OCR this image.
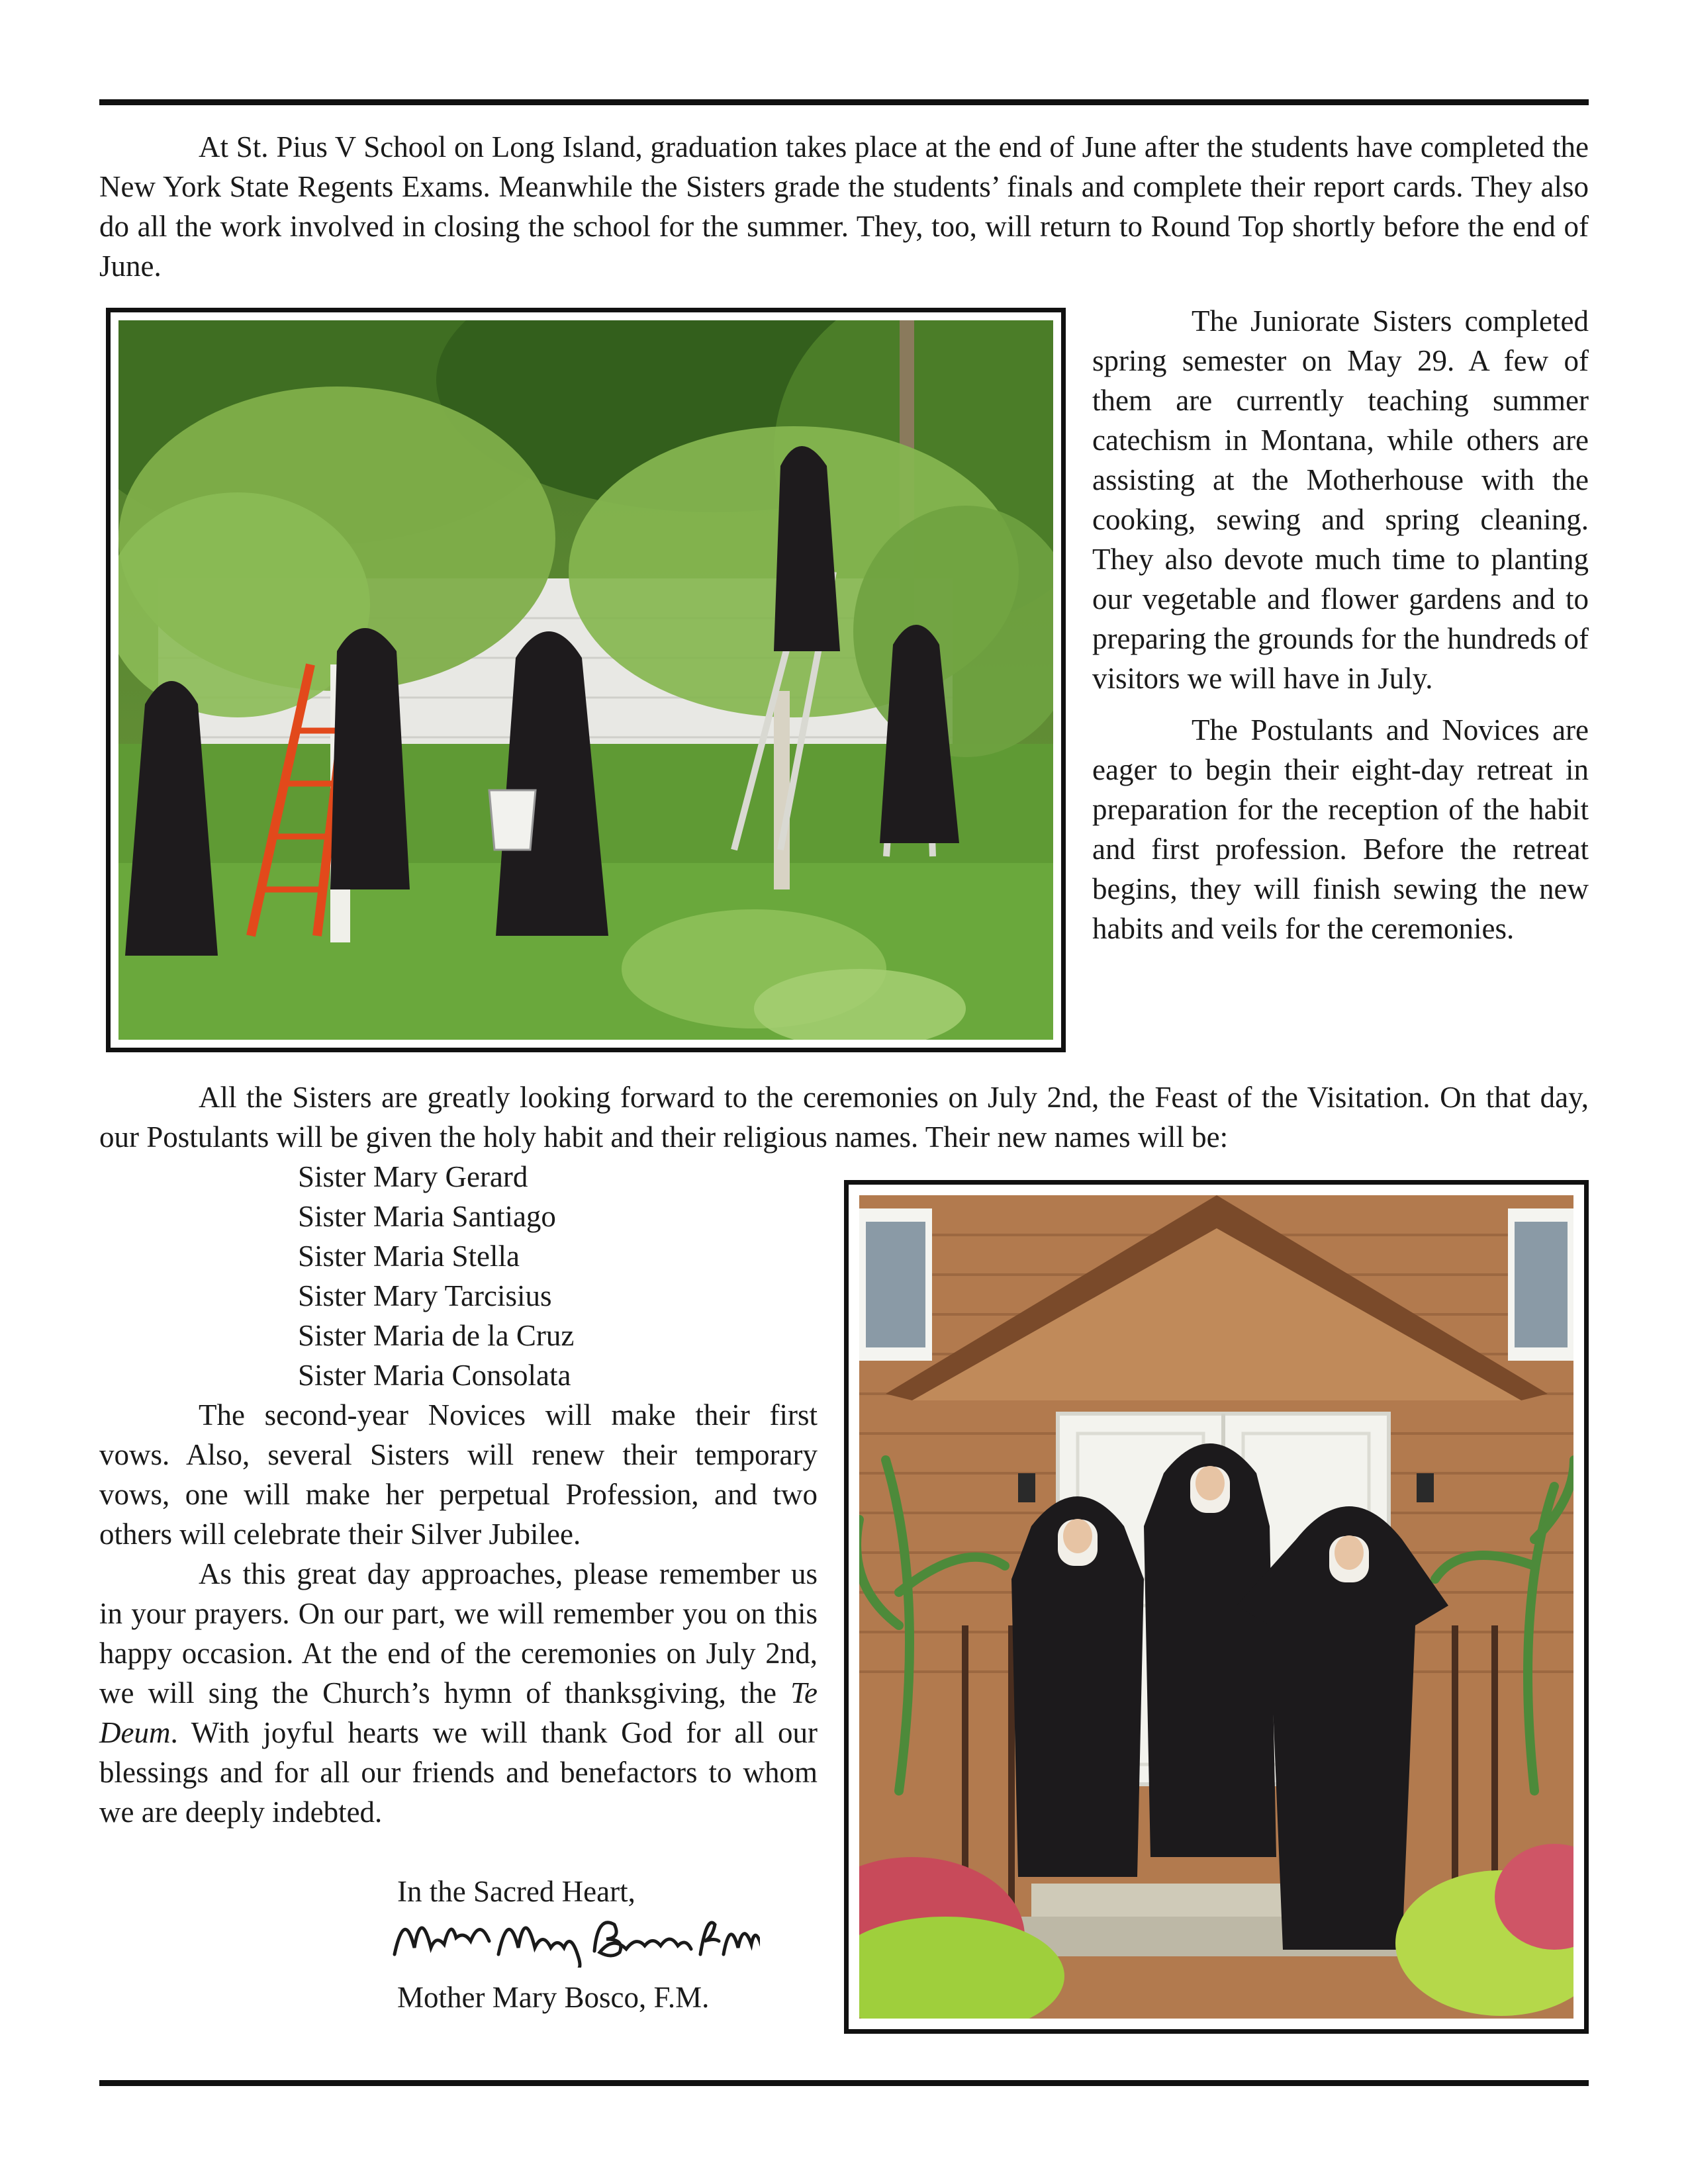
At St. Pius V School on Long Island, graduation takes place at the end of June after the students have completed the New York State Regents Exams. Meanwhile the Sisters grade the students’ finals and complete their report cards. They also do all the work involved in closing the school for the summer. They, too, will return to Round Top shortly before the end of June.

The Juniorate Sisters completed spring semester on May 29. A few of them are currently teaching summer catechism in Montana, while others are assisting at the Motherhouse with the cooking, sewing and spring cleaning. They also devote much time to planting our vegetable and flower gardens and to preparing the grounds for the hundreds of visitors we will have in July.

The Postulants and Novices are eager to begin their eight-day retreat in preparation for the reception of the habit and first profession. Before the retreat begins, they will finish sewing the new habits and veils for the ceremonies.

All the Sisters are greatly looking forward to the ceremonies on July 2nd, the Feast of the Visitation. On that day, our Postulants will be given the holy habit and their religious names. Their new names will be:

Sister Mary Gerard
Sister Maria Santiago
Sister Maria Stella
Sister Mary Tarcisius
Sister Maria de la Cruz
Sister Maria Consolata

The second-year Novices will make their first vows. Also, several Sisters will renew their temporary vows, one will make her perpetual Profession, and two others will celebrate their Silver Jubilee.

As this great day approaches, please remember us in your prayers. On our part, we will remember you on this happy occasion. At the end of the ceremonies on July 2nd, we will sing the Church’s hymn of thanksgiving, the Te Deum. With joyful hearts we will thank God for all our blessings and for all our friends and benefactors to whom we are deeply indebted.

In the Sacred Heart,
Mother Mary Bosco, F.M.
